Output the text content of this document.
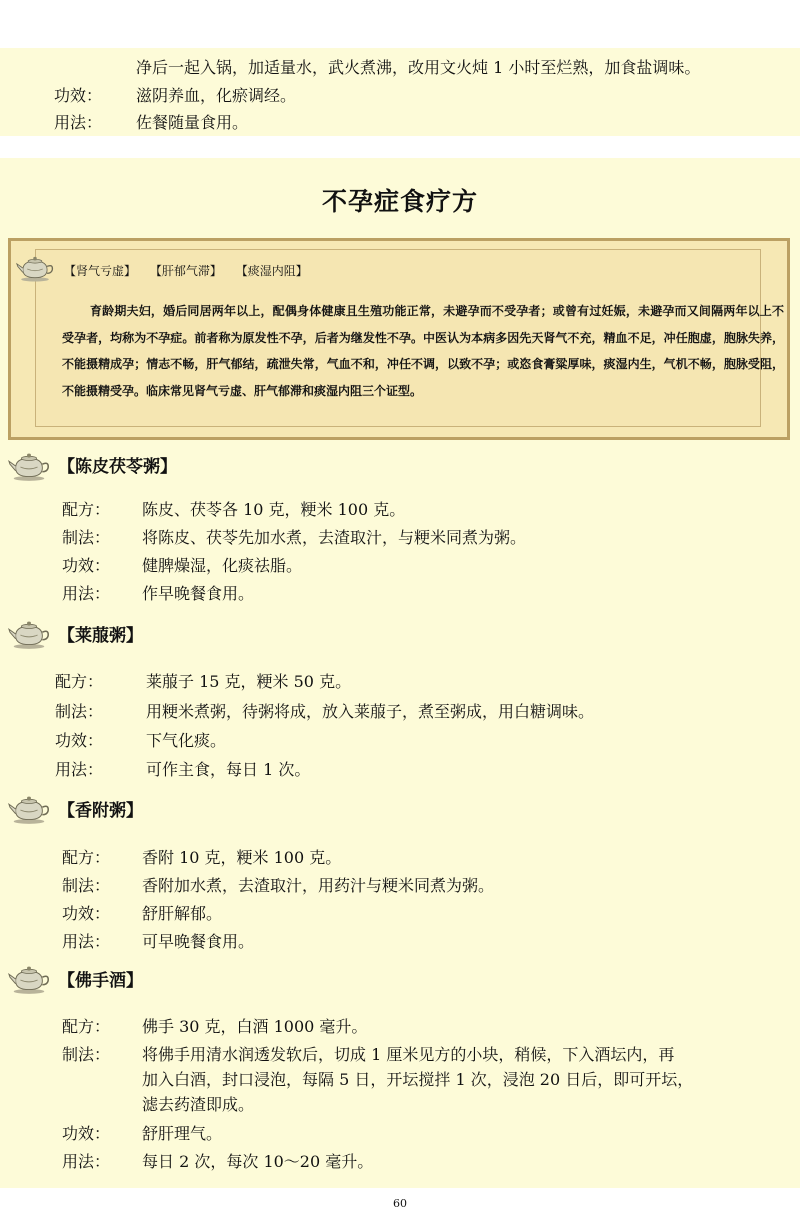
净后一起入锅，加适量水，武火煮沸，改用文火炖 1 小时至烂熟，加食盐调味。
功效： 滋阴养血，化瘀调经。
用法： 佐餐随量食用。
不孕症食疗方
【肾气亏虚】 【肝郁气滞】 【痰湿内阻】
育龄期夫妇，婚后同居两年以上，配偶身体健康且生殖功能正常，未避孕而不受孕者；或曾有过妊娠，未避孕而又间隔两年以上不受孕者，均称为不孕症。前者称为原发性不孕，后者为继发性不孕。中医认为本病多因先天肾气不充，精血不足，冲任胞虚，胞脉失养，不能摄精成孕；情志不畅，肝气郁结，疏泄失常，气血不和，冲任不调，以致不孕；或恣食膏粱厚味，痰湿内生，气机不畅，胞脉受阻，不能摄精受孕。临床常见肾气亏虚、肝气郁滞和痰湿内阻三个证型。
【陈皮茯苓粥】
配方： 陈皮、茯苓各 10 克，粳米 100 克。
制法： 将陈皮、茯苓先加水煮，去渣取汁，与粳米同煮为粥。
功效： 健脾燥湿，化痰祛脂。
用法： 作早晚餐食用。
【莱菔粥】
配方：	莱菔子 15 克，粳米 50 克。
制法：	用粳米煮粥，待粥将成，放入莱菔子，煮至粥成，用白糖调味。
功效：	下气化痰。
用法：	可作主食，每日 1 次。
【香附粥】
配方： 香附 10 克，粳米 100 克。
制法： 香附加水煮，去渣取汁，用药汁与粳米同煮为粥。
功效： 舒肝解郁。
用法： 可早晚餐食用。
【佛手酒】
配方： 佛手 30 克，白酒 1000 毫升。
制法： 将佛手用清水润透发软后，切成 1 厘米见方的小块，稍候，下入酒坛内，再
加入白酒，封口浸泡，每隔 5 日，开坛搅拌 1 次，浸泡 20 日后，即可开坛，
滤去药渣即成。
功效： 舒肝理气。
用法： 每日 2 次，每次 10～20 毫升。
60
